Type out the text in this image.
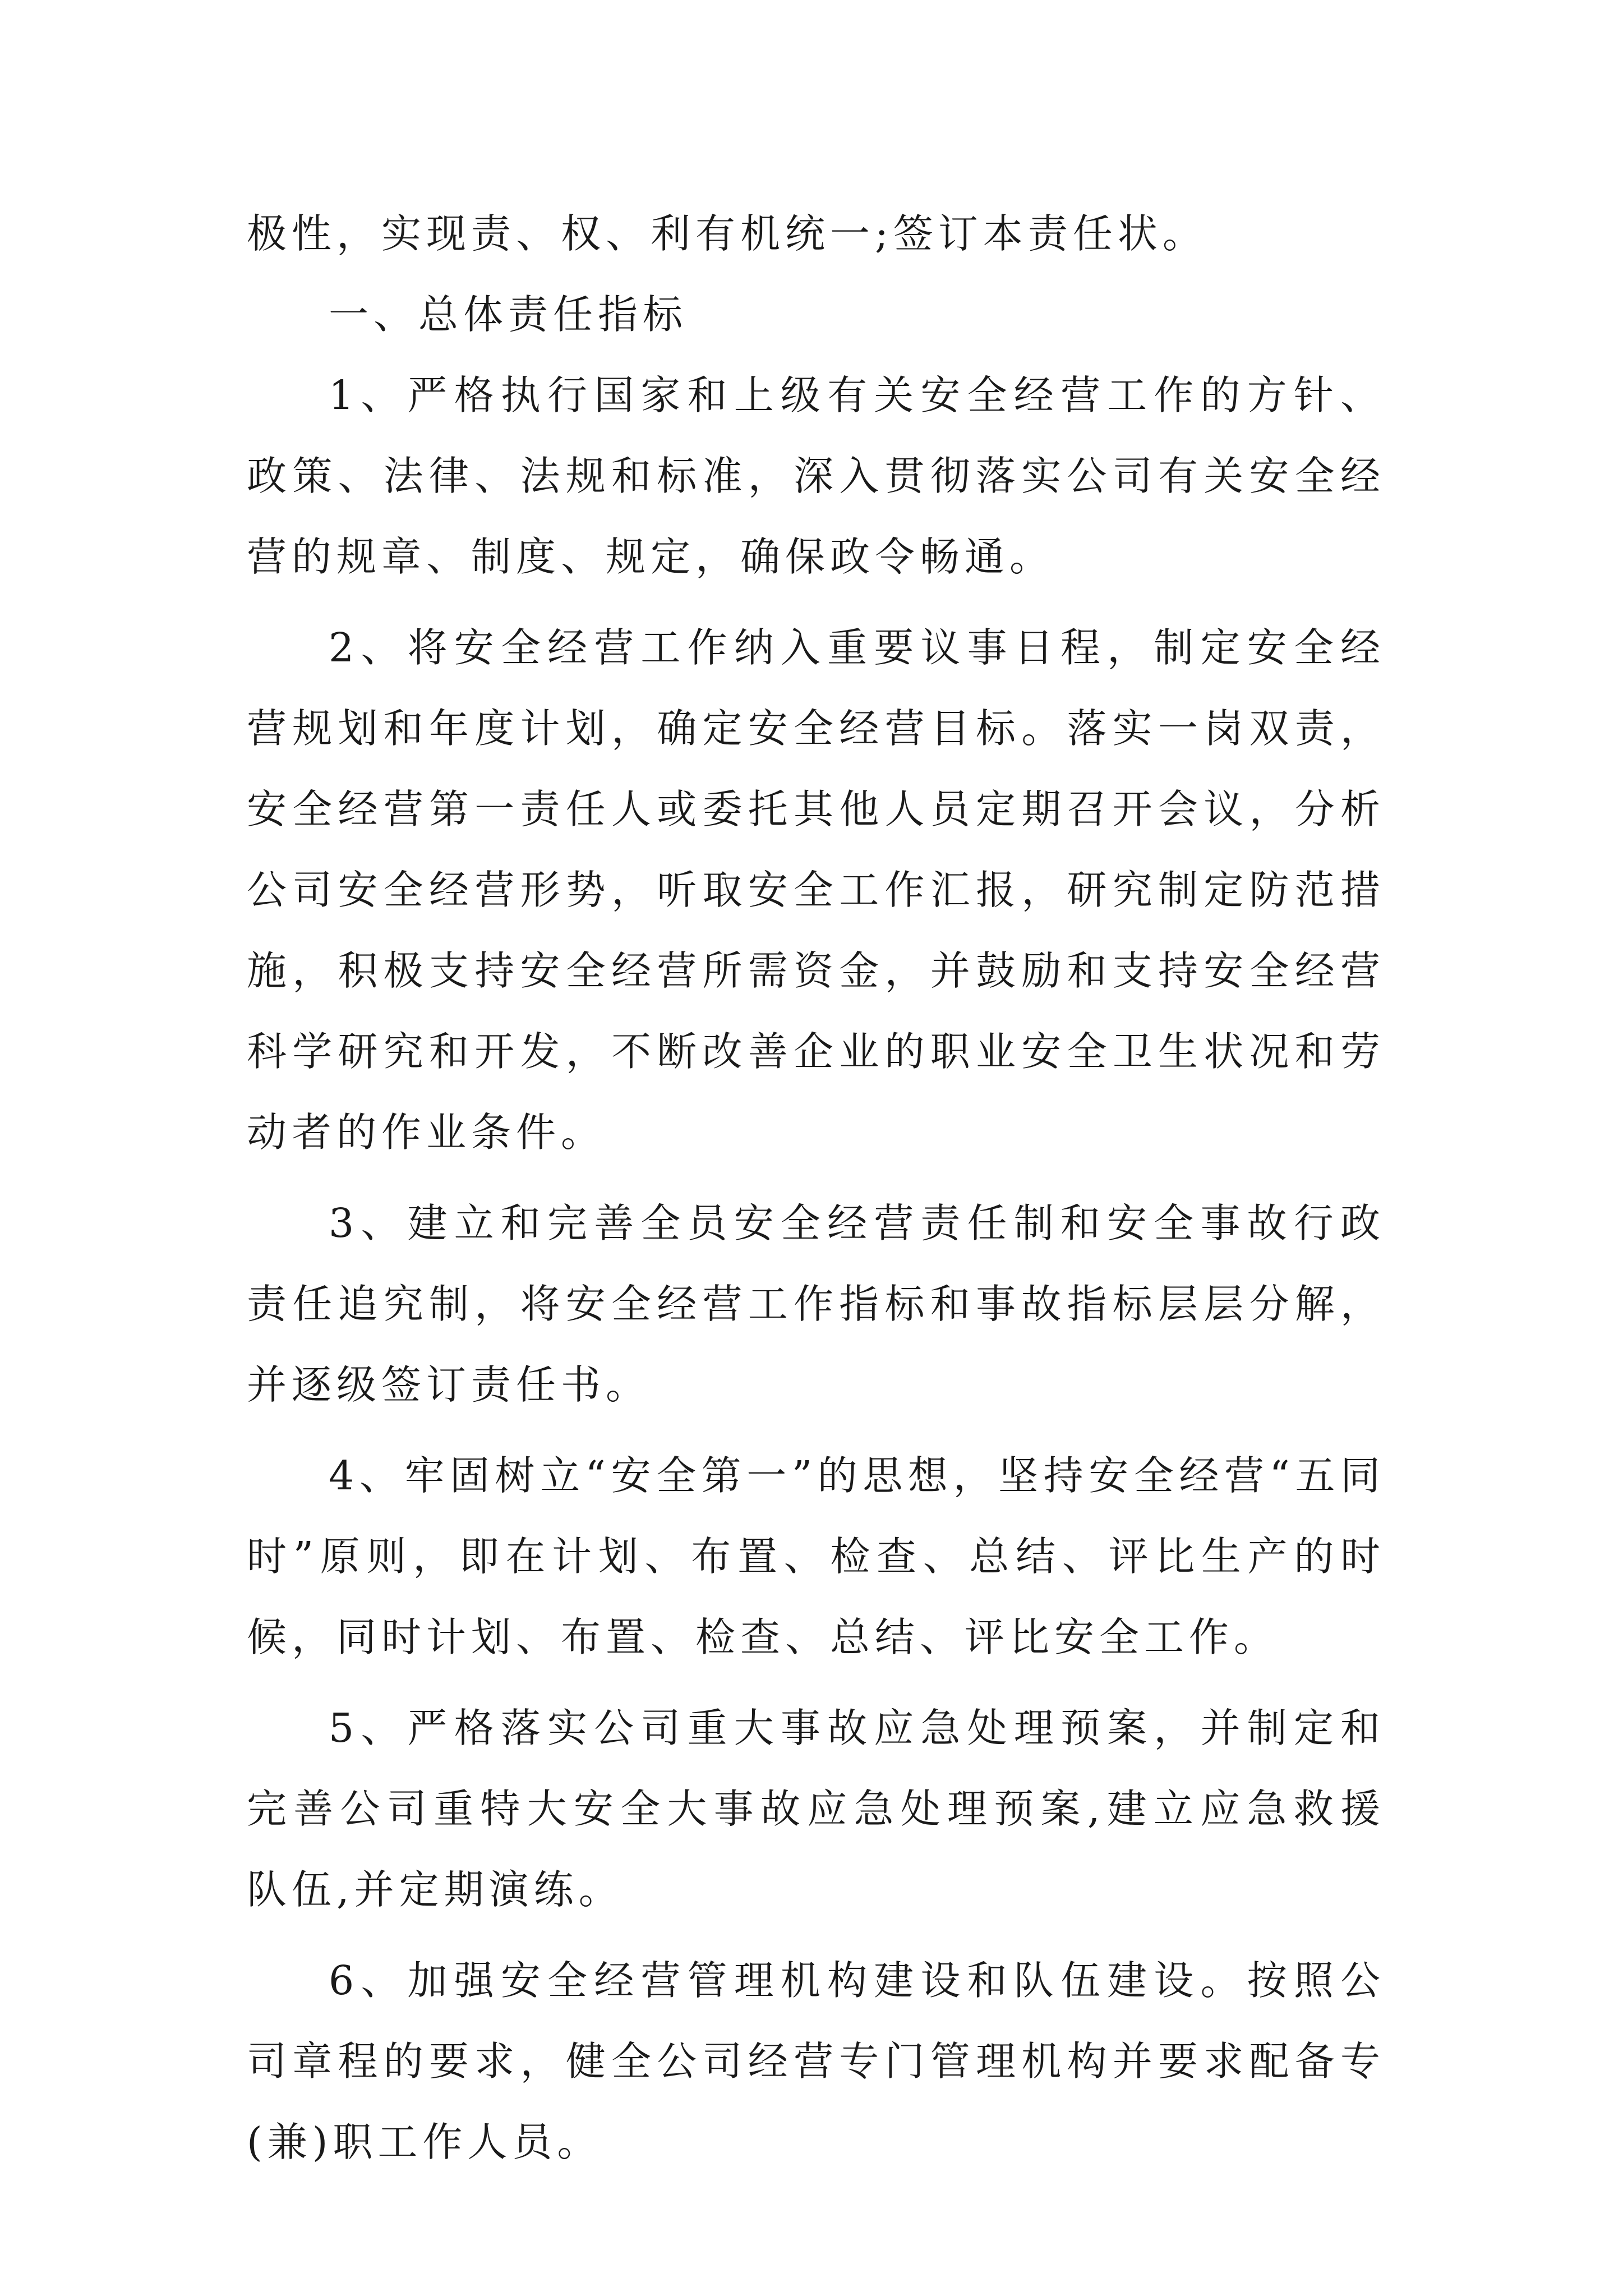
极性，实现责、权、利有机统一;签订本责任状。

一、总体责任指标

1、严格执行国家和上级有关安全经营工作的方针、政策、法律、法规和标准，深入贯彻落实公司有关安全经营的规章、制度、规定，确保政令畅通。

2、将安全经营工作纳入重要议事日程，制定安全经营规划和年度计划，确定安全经营目标。落实一岗双责，安全经营第一责任人或委托其他人员定期召开会议，分析公司安全经营形势，听取安全工作汇报，研究制定防范措施，积极支持安全经营所需资金，并鼓励和支持安全经营科学研究和开发，不断改善企业的职业安全卫生状况和劳动者的作业条件。

3、建立和完善全员安全经营责任制和安全事故行政责任追究制，将安全经营工作指标和事故指标层层分解，并逐级签订责任书。

4、牢固树立“安全第一”的思想，坚持安全经营“五同时”原则，即在计划、布置、检查、总结、评比生产的时候，同时计划、布置、检查、总结、评比安全工作。

5、严格落实公司重大事故应急处理预案，并制定和完善公司重特大安全大事故应急处理预案,建立应急救援队伍,并定期演练。

6、加强安全经营管理机构建设和队伍建设。按照公司章程的要求，健全公司经营专门管理机构并要求配备专(兼)职工作人员。
